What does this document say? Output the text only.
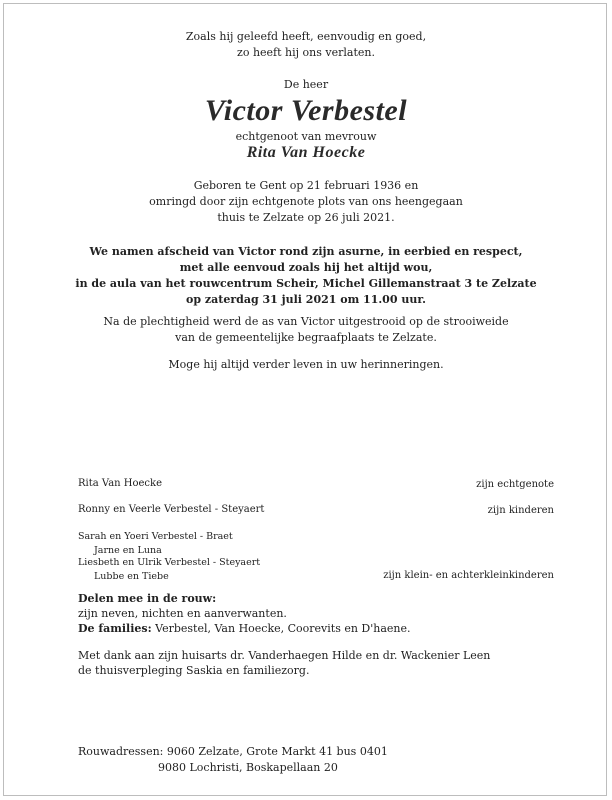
Zoals hij geleefd heeft, eenvoudig en goed,
zo heeft hij ons verlaten.
De heer
Victor Verbestel
echtgenoot van mevrouw
Rita Van Hoecke
Geboren te Gent op 21 februari 1936 en
omringd door zijn echtgenote plots van ons heengegaan
thuis te Zelzate op 26 juli 2021.
We namen afscheid van Victor rond zijn asurne, in eerbied en respect,
met alle eenvoud zoals hij het altijd wou,
in de aula van het rouwcentrum Scheir, Michel Gillemanstraat 3 te Zelzate
op zaterdag 31 juli 2021 om 11.00 uur.
Na de plechtigheid werd de as van Victor uitgestrooid op de strooiweide
van de gemeentelijke begraafplaats te Zelzate.
Moge hij altijd verder leven in uw herinneringen.
Rita Van Hoecke	zijn echtgenote
Ronny en Veerle Verbestel - Steyaert	zijn kinderen
Sarah en Yoeri Verbestel - Braet
Jarne en Luna
Liesbeth en Ulrik Verbestel - Steyaert
Lubbe en Tiebe	zijn klein- en achterkleinkinderen
Delen mee in de rouw:
zijn neven, nichten en aanverwanten.
De families: Verbestel, Van Hoecke, Coorevits en D'haene.
Met dank aan zijn huisarts dr. Vanderhaegen Hilde en dr. Wackenier Leen
de thuisverpleging Saskia en familiezorg.
Rouwadressen: 9060 Zelzate, Grote Markt 41 bus 0401
9080 Lochristi, Boskapellaan 20
